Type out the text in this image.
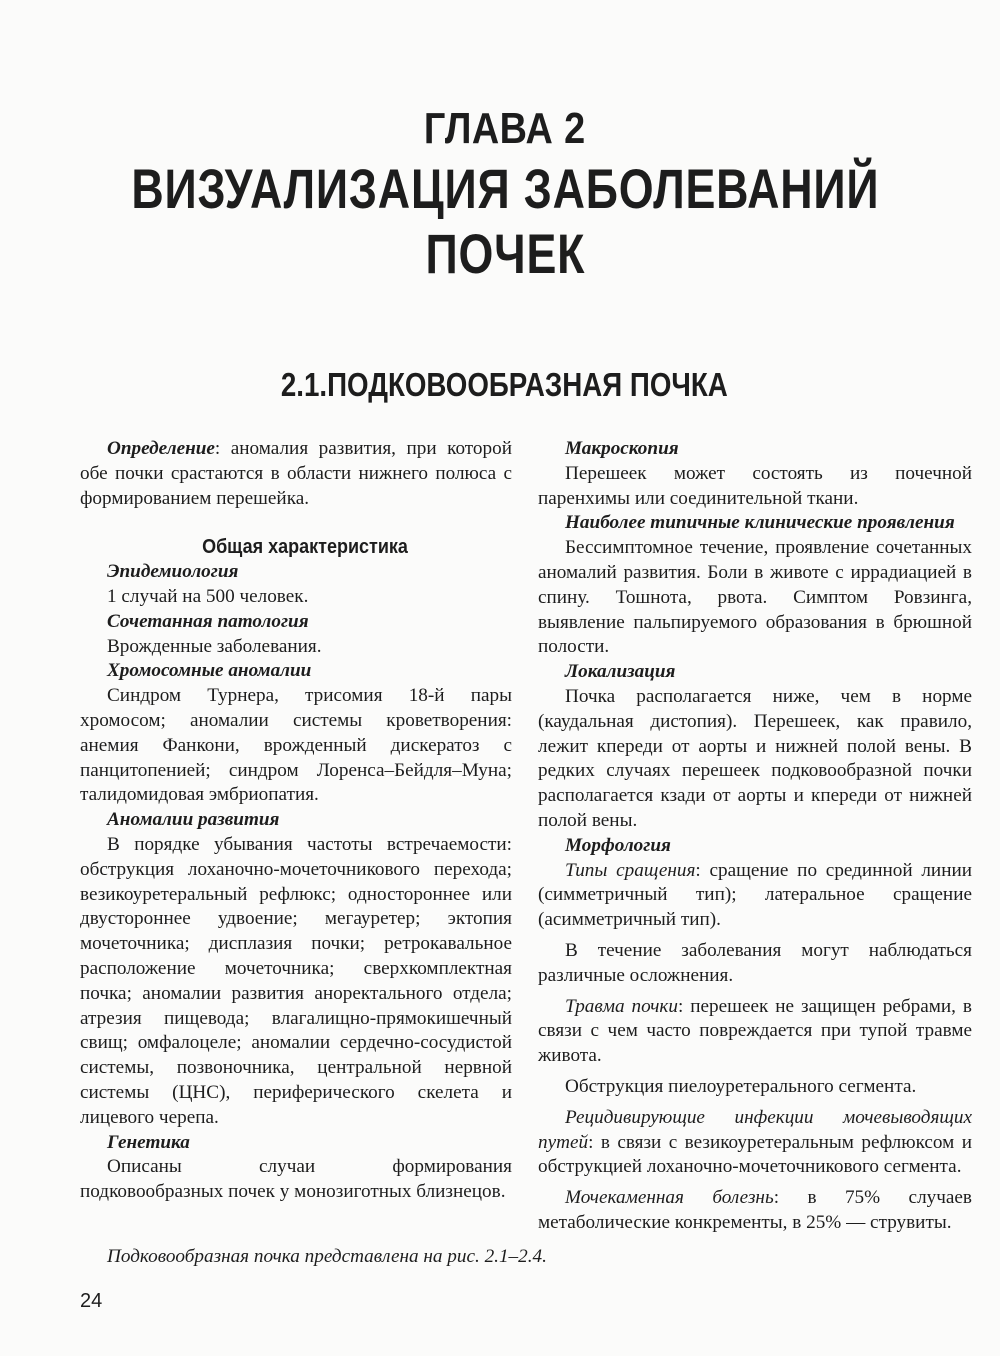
ГЛАВА 2
ВИЗУАЛИЗАЦИЯ ЗАБОЛЕВАНИЙ ПОЧЕК
2.1.ПОДКОВООБРАЗНАЯ ПОЧКА

Определение: аномалия развития, при которой обе почки срастаются в области нижнего полюса с формированием перешейка.

Общая характеристика

Эпидемиология

1 случай на 500 человек.

Сочетанная патология

Врожденные заболевания.

Хромосомные аномалии

Синдром Турнера, трисомия 18-й пары хромосом; аномалии системы кроветворения: анемия Фанкони, врожденный дискератоз с панцитопенией; синдром Лоренса–Бейдля–Муна; талидомидовая эмбриопатия.

Аномалии развития

В порядке убывания частоты встречаемости: обструкция лоханочно-мочеточникового перехода; везикоуретеральный рефлюкс; одностороннее или двустороннее удвоение; мегауретер; эктопия мочеточника; дисплазия почки; ретрокавальное расположение мочеточника; сверхкомплектная почка; аномалии развития аноректального отдела; атрезия пищевода; влагалищно-прямокишечный свищ; омфалоцеле; аномалии сердечно-сосудистой системы, позвоночника, центральной нервной системы (ЦНС), периферического скелета и лицевого черепа.

Генетика

Описаны случаи формирования подковообразных почек у монозиготных близнецов.

Макроскопия

Перешеек может состоять из почечной паренхимы или соединительной ткани.

Наиболее типичные клинические проявления

Бессимптомное течение, проявление сочетанных аномалий развития. Боли в животе с иррадиацией в спину. Тошнота, рвота. Симптом Ровзинга, выявление пальпируемого образования в брюшной полости.

Локализация

Почка располагается ниже, чем в норме (каудальная дистопия). Перешеек, как правило, лежит кпереди от аорты и нижней полой вены. В редких случаях перешеек подковообразной почки располагается кзади от аорты и кпереди от нижней полой вены.

Морфология

Типы сращения: сращение по срединной линии (симметричный тип); латеральное сращение (асимметричный тип).

В течение заболевания могут наблюдаться различные осложнения.

Травма почки: перешеек не защищен ребрами, в связи с чем часто повреждается при тупой травме живота.

Обструкция пиелоуретерального сегмента.

Рецидивирующие инфекции мочевыводящих путей: в связи с везикоуретеральным рефлюксом и обструкцией лоханочно-мочеточникового сегмента.

Мочекаменная болезнь: в 75% случаев метаболические конкременты, в 25% — струвиты.

Подковообразная почка представлена на рис. 2.1–2.4.
24
